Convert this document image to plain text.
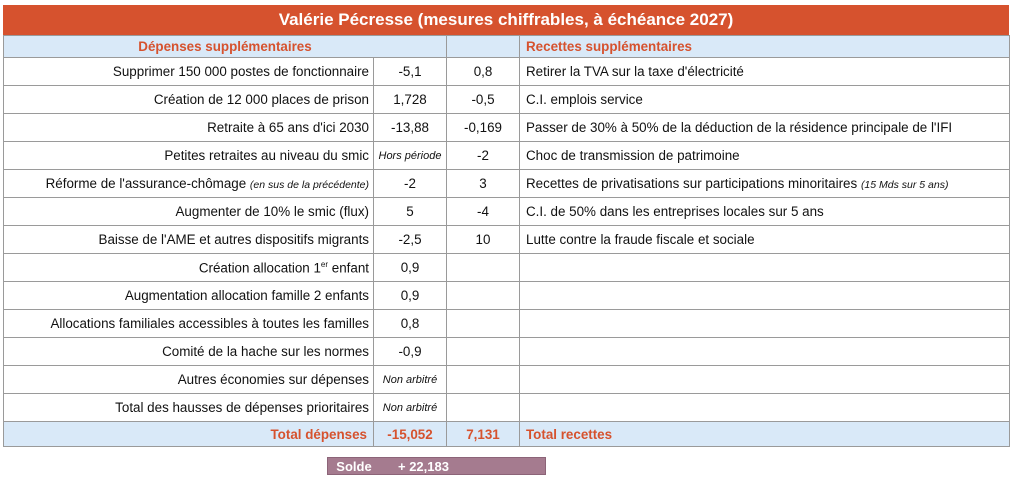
Valérie Pécresse (mesures chiffrables, à échéance 2027)
Dépenses supplémentaires			Recettes supplémentaires
Supprimer 150 000 postes de fonctionnaire	-5,1	0,8	Retirer la TVA sur la taxe d'électricité
Création de 12 000 places de prison	1,728	-0,5	C.I. emplois service
Retraite à 65 ans d'ici 2030	-13,88	-0,169	Passer de 30% à 50% de la déduction de la résidence principale de l'IFI
Petites retraites au niveau du smic	Hors période	-2	Choc de transmission de patrimoine
Réforme de l'assurance-chômage (en sus de la précédente)	-2	3	Recettes de privatisations sur participations minoritaires (15 Mds sur 5 ans)
Augmenter de 10% le smic (flux)	5	-4	C.I. de 50% dans les entreprises locales sur 5 ans
Baisse de l'AME et autres dispositifs migrants	-2,5	10	Lutte contre la fraude fiscale et sociale
Création allocation 1er enfant	0,9		
Augmentation allocation famille 2 enfants	0,9		
Allocations familiales accessibles à toutes les familles	0,8		
Comité de la hache sur les normes	-0,9		
Autres économies sur dépenses	Non arbitré		
Total des hausses de dépenses prioritaires	Non arbitré		
Total dépenses	-15,052	7,131	Total recettes
Solde	+ 22,183
